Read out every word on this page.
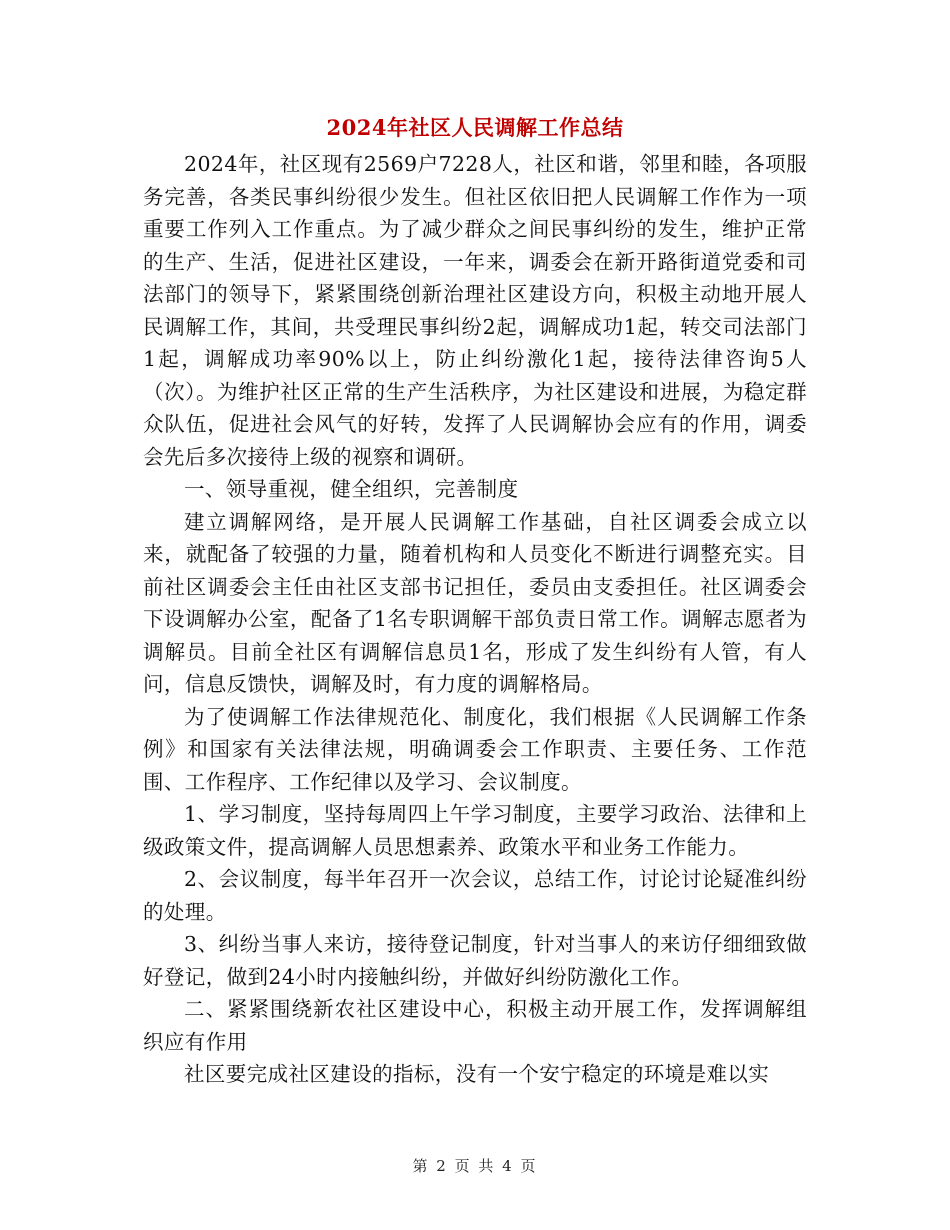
2024年社区人民调解工作总结

2024年，社区现有2569户7228人，社区和谐，邻里和睦，各项服务完善，各类民事纠纷很少发生。但社区依旧把人民调解工作作为一项重要工作列入工作重点。为了减少群众之间民事纠纷的发生，维护正常的生产、生活，促进社区建设，一年来，调委会在新开路街道党委和司法部门的领导下，紧紧围绕创新治理社区建设方向，积极主动地开展人民调解工作，其间，共受理民事纠纷2起，调解成功1起，转交司法部门1起，调解成功率90%以上，防止纠纷激化1起，接待法律咨询5人（次）。为维护社区正常的生产生活秩序，为社区建设和进展，为稳定群众队伍，促进社会风气的好转，发挥了人民调解协会应有的作用，调委会先后多次接待上级的视察和调研。

一、领导重视，健全组织，完善制度

建立调解网络，是开展人民调解工作基础，自社区调委会成立以来，就配备了较强的力量，随着机构和人员变化不断进行调整充实。目前社区调委会主任由社区支部书记担任，委员由支委担任。社区调委会下设调解办公室，配备了1名专职调解干部负责日常工作。调解志愿者为调解员。目前全社区有调解信息员1名，形成了发生纠纷有人管，有人问，信息反馈快，调解及时，有力度的调解格局。

为了使调解工作法律规范化、制度化，我们根据《人民调解工作条例》和国家有关法律法规，明确调委会工作职责、主要任务、工作范围、工作程序、工作纪律以及学习、会议制度。

1、学习制度，坚持每周四上午学习制度，主要学习政治、法律和上级政策文件，提高调解人员思想素养、政策水平和业务工作能力。

2、会议制度，每半年召开一次会议，总结工作，讨论讨论疑准纠纷的处理。

3、纠纷当事人来访，接待登记制度，针对当事人的来访仔细细致做好登记，做到24小时内接触纠纷，并做好纠纷防激化工作。

二、紧紧围绕新农社区建设中心，积极主动开展工作，发挥调解组织应有作用

社区要完成社区建设的指标，没有一个安宁稳定的环境是难以实

第 2 页 共 4 页
